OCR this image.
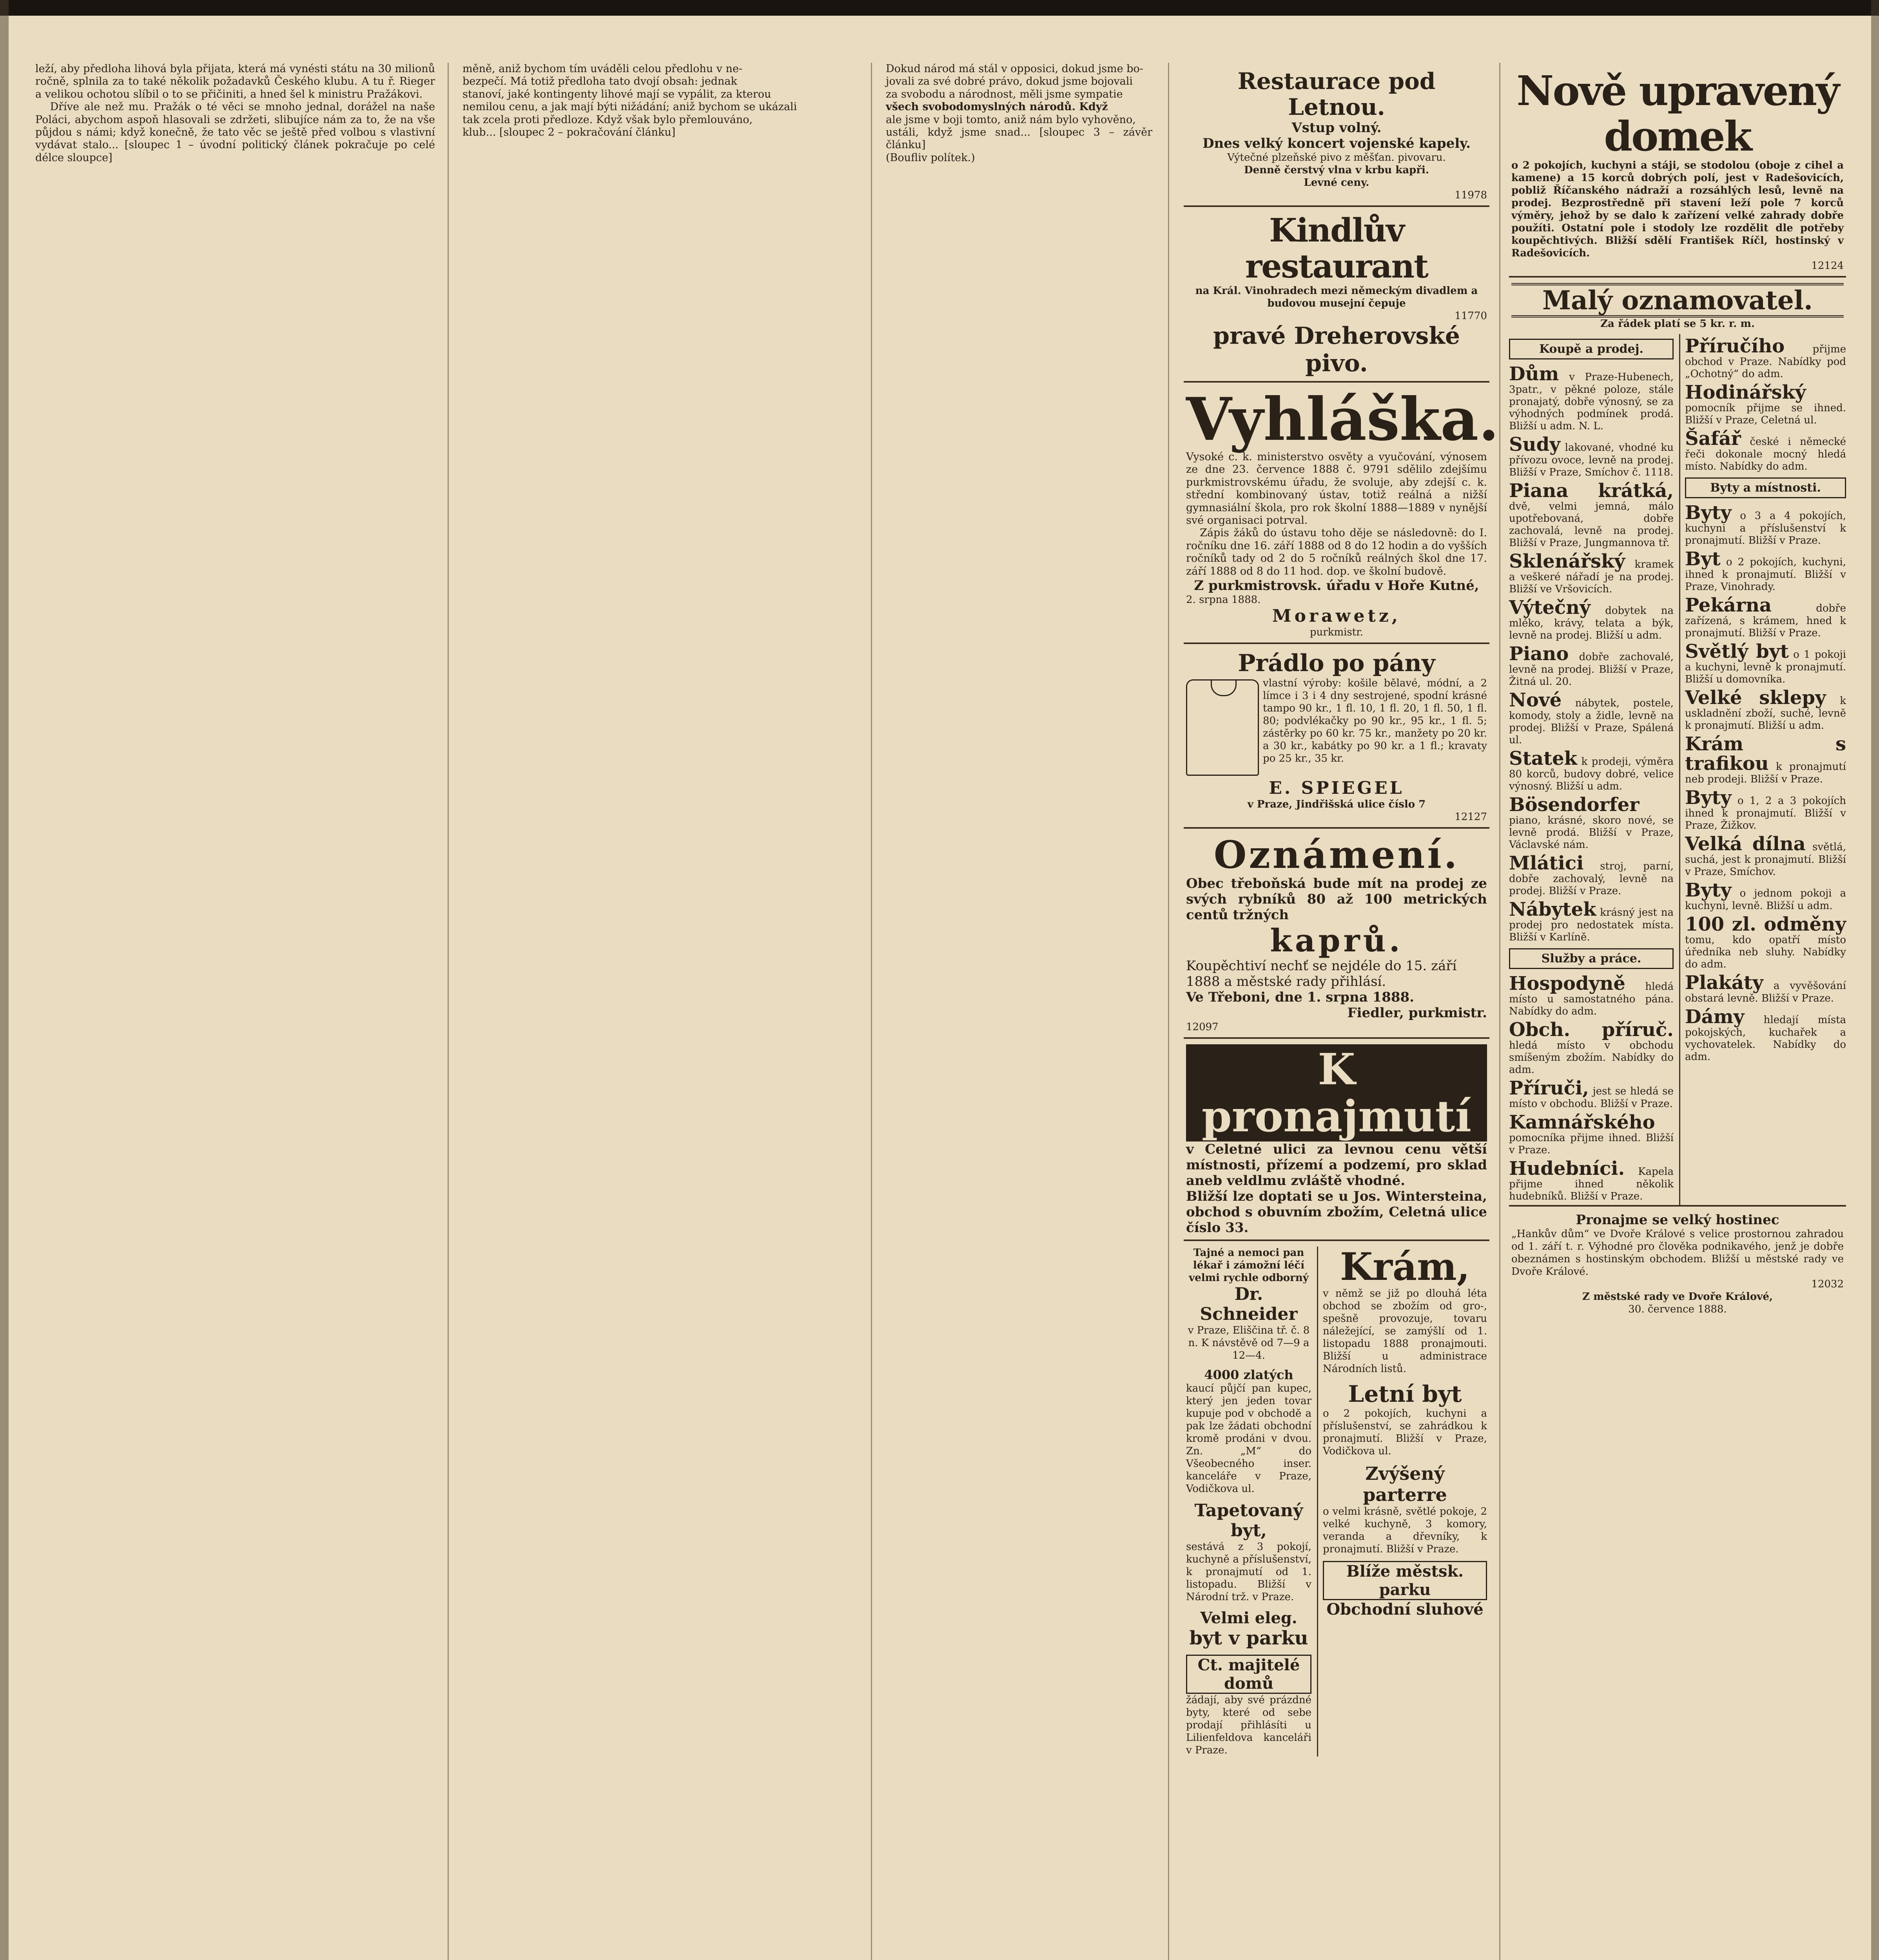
leží, aby předloha lihová byla přijata, která má vynésti státu na 30 milionů ročně, splnila za to také několik požadavků Českého klubu. A tu ř. Rieger a velikou ochotou slíbil o to se přičiniti, a hned šel k ministru Pražákovi.
Dříve ale než mu. Pražák o té věci se mnoho jednal, dorážel na naše Poláci, abychom aspoň hlasovali se zdržeti, slibujíce nám za to, že na vše půjdou s námi; když konečně, že tato věc se ještě před volbou s vlastivní vydávat stalo... [sloupec 1 – úvodní politický článek pokračuje po celé délce sloupce]
měně, aniž bychom tím uváděli celou předlohu v ne-
bezpečí. Má totiž předloha tato dvojí obsah: jednak
stanoví, jaké kontingenty lihové mají se vypálit, za kterou
nemilou cenu, a jak mají býti nižádání; aniž bychom se ukázali
tak zcela proti předloze. Když však bylo přemlouváno,
klub... [sloupec 2 – pokračování článku]
Dokud národ má stál v opposici, dokud jsme bo-
jovali za své dobré právo, dokud jsme bojovali
za svobodu a národnost, měli jsme sympatie
všech svobodomyslných národů. Když
ale jsme v boji tomto, aniž nám bylo vyhověno,
ustáli, když jsme snad... [sloupec 3 – závěr článku]
(Boufliv polítek.)
Restaurace pod Letnou.
Vstup volný.
Dnes velký koncert vojenské kapely.
Výtečné plzeňské pivo z měšťan. pivovaru.
Denně čerstvý vlna v krbu kapři.
Levné ceny.
11978
Kindlův restaurant
na Král. Vinohradech mezi německým divadlem a budovou musejní čepuje
11770
pravé Dreherovské pivo.
Vyhláška.
Vysoké c. k. ministerstvo osvěty a vyučování, výnosem ze dne 23. července 1888 č. 9791 sdělilo zdejšímu purkmistrovskému úřadu, že svoluje, aby zdejší c. k. střední kombinovaný ústav, totiž reálná a nižší gymnasiální škola, pro rok školní 1888—1889 v nynější své organisaci potrval.
Zápis žáků do ústavu toho děje se následovně: do I. ročníku dne 16. září 1888 od 8 do 12 hodin a do vyšších ročníků tady od 2 do 5 ročníků reálných škol dne 17. září 1888 od 8 do 11 hod. dop. ve školní budově.
Z purkmistrovsk. úřadu v Hoře Kutné,
2. srpna 1888.
Morawetz,
purkmistr.
Prádlo po pány
vlastní výroby: košile bělavé, módní, a 2 límce i 3 i 4 dny sestrojené, spodní krásné tampo 90 kr., 1 fl. 10, 1 fl. 20, 1 fl. 50, 1 fl. 80; podvlékačky po 90 kr., 95 kr., 1 fl. 5; zástěrky po 60 kr. 75 kr., manžety po 20 kr. a 30 kr., kabátky po 90 kr. a 1 fl.; kravaty po 25 kr., 35 kr.
E. SPIEGEL
v Praze, Jindřišská ulice číslo 7
12127
Oznámení.
Obec třeboňská bude mít na prodej ze svých rybníků 80 až 100 metrických centů tržných
kaprů.
Koupěchtiví nechť se nejdéle do 15. září 1888 a městské rady přihlásí.
Ve Třeboni, dne 1. srpna 1888.
Fiedler, purkmistr.
12097
K pronajmutí
v Celetné ulici za levnou cenu větší místnosti, přízemí a podzemí, pro sklad aneb veldlmu zvláště vhodné.
Bližší lze doptati se u Jos. Wintersteina, obchod s obuvním zbožím, Celetná ulice číslo 33.
Tajné a nemoci pan lékař i zámožní léčí velmi rychle odborný
Dr. Schneider
v Praze, Eliščina tř. č. 8 n. K návstěvě od 7—9 a 12—4.
4000 zlatých
kaucí půjčí pan kupec, který jen jeden tovar kupuje pod v obchodě a pak lze žádati obchodní kromě prodáni v dvou. Zn. „M“ do Všeobecného inser. kanceláře v Praze, Vodičkova ul.
Tapetovaný byt,
sestává z 3 pokojí, kuchyně a příslušenství, k pronajmutí od 1. listopadu. Bližší v Národní trž. v Praze.
Velmi eleg.
byt v parku
Ct. majitelé domů
žádají, aby své prázdné byty, které od sebe prodají přihlásíti u Lilienfeldova kanceláři v Praze.
Krám,
v němž se již po dlouhá léta obchod se zbožím od gro-, spešně provozuje, tovaru náležející, se zamýšlí od 1. listopadu 1888 pronajmouti. Bližší u administrace Národních listů.
Letní byt
o 2 pokojích, kuchyni a příslušenství, se zahrádkou k pronajmutí. Bližší v Praze, Vodičkova ul.
Zvýšený parterre
o velmi krásně, světlé pokoje, 2 velké kuchyně, 3 komory, veranda a dřevníky, k pronajmutí. Bližší v Praze.
Blíže městsk. parku
Obchodní sluhové
Nově upravený domek
o 2 pokojích, kuchyni a stáji, se stodolou (oboje z cihel a kamene) a 15 korců dobrých polí, jest v Radešovicích, pobliž Říčanského nádraží a rozsáhlých lesů, levně na prodej. Bezprostředně při stavení leží pole 7 korců výměry, jehož by se dalo k zařízení velké zahrady dobře použíti. Ostatní pole i stodoly lze rozdělit dle potřeby koupěchtivých. Bližší sdělí František Ríčl, hostinský v Radešovicích.
12124
Malý oznamovatel.
Za řádek platí se 5 kr. r. m.
Koupě a prodej.
Dům v Praze-Hubenech, 3patr., v pěkné poloze, stále pronajatý, dobře výnosný, se za výhodných podmínek prodá. Bližší u adm. N. L.
Sudy lakované, vhodné ku přívozu ovoce, levně na prodej. Bližší v Praze, Smíchov č. 1118.
Piana krátká, dvě, velmi jemná, málo upotřebovaná, dobře zachovalá, levně na prodej. Bližší v Praze, Jungmannova tř.
Sklenářský kramek a veškeré nářadí je na prodej. Bližší ve Vršovicích.
Výtečný dobytek na mléko, krávy, telata a býk, levně na prodej. Bližší u adm.
Piano dobře zachovalé, levně na prodej. Bližší v Praze, Žitná ul. 20.
Nové nábytek, postele, komody, stoly a židle, levně na prodej. Bližší v Praze, Spálená ul.
Statek k prodeji, výměra 80 korců, budovy dobré, velice výnosný. Bližší u adm.
Bösendorfer piano, krásné, skoro nové, se levně prodá. Bližší v Praze, Václavské nám.
Mlátici stroj, parní, dobře zachovalý, levně na prodej. Bližší v Praze.
Nábytek krásný jest na prodej pro nedostatek místa. Bližší v Karlíně.
Služby a práce.
Hospodyně hledá místo u samostatného pána. Nabídky do adm.
Obch. příruč. hledá místo v obchodu smíšeným zbožím. Nabídky do adm.
Příruči, jest se hledá se místo v obchodu. Bližší v Praze.
Kamnářského pomocníka přijme ihned. Bližší v Praze.
Hudebníci. Kapela přijme ihned několik hudebníků. Bližší v Praze.
Příručího	přijme obchod v Praze. Nabídky pod „Ochotný“ do adm.
Hodinářský pomocník přijme se ihned. Bližší v Praze, Celetná ul.
Šafář české i německé řeči dokonale mocný hledá místo. Nabídky do adm.
Byty a místnosti.
Byty o 3 a 4 pokojích, kuchyni a příslušenství k pronajmutí. Bližší v Praze.
Byt o 2 pokojích, kuchyni, ihned k pronajmutí. Bližší v Praze, Vinohrady.
Pekárna	dobře zařízená, s krámem, hned k pronajmutí. Bližší v Praze.
Světlý byt o 1 pokoji a kuchyni, levně k pronajmutí. Bližší u domovníka.
Velké sklepy k uskladnění zboží, suché, levně k pronajmutí. Bližší u adm.
Krám s trafikou k pronajmutí neb prodeji. Bližší v Praze.
Byty o 1, 2 a 3 pokojích ihned k pronajmutí. Bližší v Praze, Žižkov.
Velká dílna světlá, suchá, jest k pronajmutí. Bližší v Praze, Smíchov.
Byty o jednom pokoji a kuchyni, levně. Bližší u adm.
100 zl. odměny tomu, kdo opatří místo úředníka neb sluhy. Nabídky do adm.
Plakáty a vyvěšování obstará levně. Bližší v Praze.
Dámy hledají místa pokojských, kuchařek a vychovatelek. Nabídky do adm.
Pronajme se velký hostinec
„Hankův dům“ ve Dvoře Králové s velice prostornou zahradou od 1. září t. r. Výhodné pro člověka podnikavého, jenž je dobře obeznámen s hostinským obchodem. Bližší u městské rady ve Dvoře Králové.
12032
Z městské rady ve Dvoře Králové,
30. července 1888.
